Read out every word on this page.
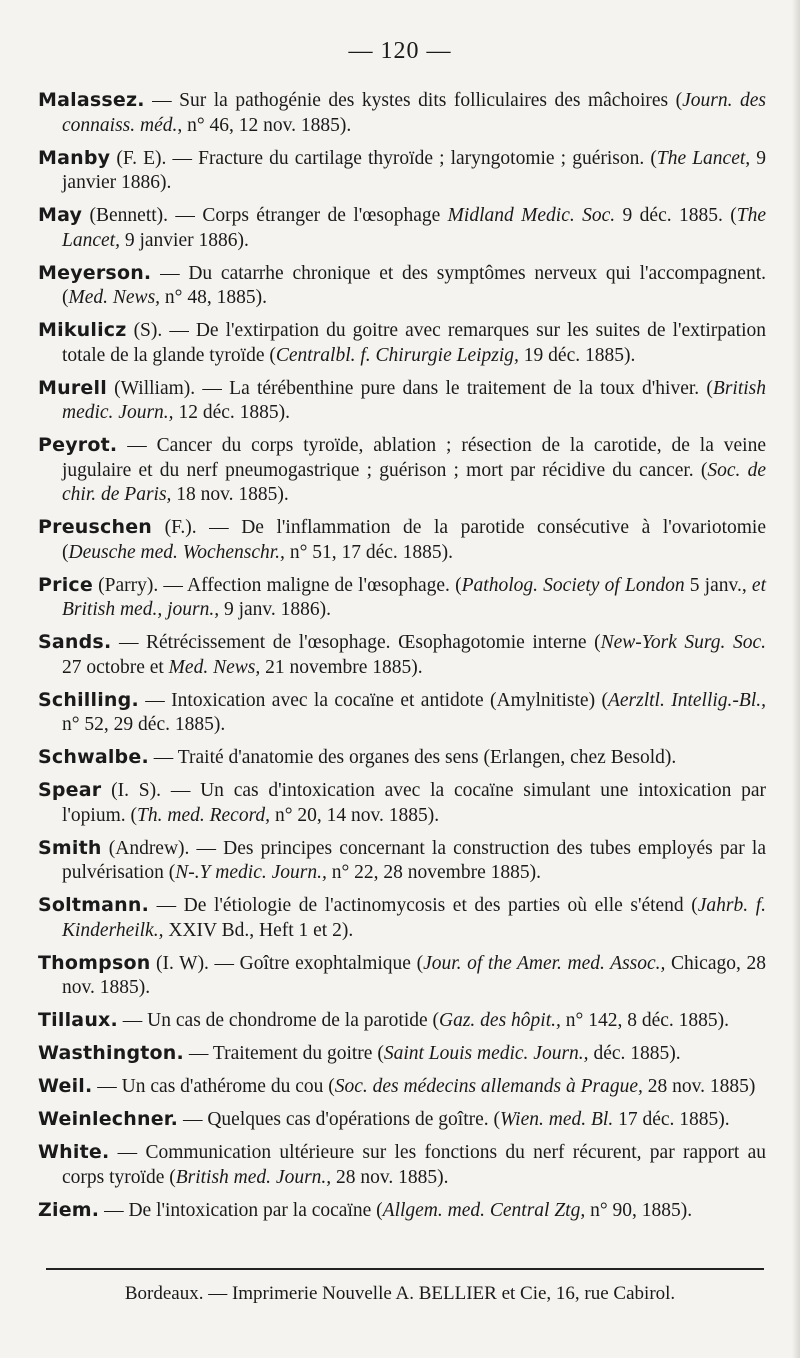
— 120 —

Malassez. — Sur la pathogénie des kystes dits folliculaires des mâchoires (Journ. des connaiss. méd., n° 46, 12 nov. 1885).

Manby (F. E). — Fracture du cartilage thyroïde ; laryngotomie ; guérison. (The Lancet, 9 janvier 1886).

May (Bennett). — Corps étranger de l'œsophage Midland Medic. Soc. 9 déc. 1885. (The Lancet, 9 janvier 1886).

Meyerson. — Du catarrhe chronique et des symptômes nerveux qui l'accompagnent. (Med. News, n° 48, 1885).

Mikulicz (S). — De l'extirpation du goitre avec remarques sur les suites de l'extirpation totale de la glande tyroïde (Centralbl. f. Chirurgie Leipzig, 19 déc. 1885).

Murell (William). — La térébenthine pure dans le traitement de la toux d'hiver. (British medic. Journ., 12 déc. 1885).

Peyrot. — Cancer du corps tyroïde, ablation ; résection de la carotide, de la veine jugulaire et du nerf pneumogastrique ; guérison ; mort par récidive du cancer. (Soc. de chir. de Paris, 18 nov. 1885).

Preuschen (F.). — De l'inflammation de la parotide consécutive à l'ovariotomie (Deusche med. Wochenschr., n° 51, 17 déc. 1885).

Price (Parry). — Affection maligne de l'œsophage. (Patholog. Society of London 5 janv., et British med., journ., 9 janv. 1886).

Sands. — Rétrécissement de l'œsophage. Œsophagotomie interne (New-York Surg. Soc. 27 octobre et Med. News, 21 novembre 1885).

Schilling. — Intoxication avec la cocaïne et antidote (Amylnitiste) (Aerzltl. Intellig.-Bl., n° 52, 29 déc. 1885).

Schwalbe. — Traité d'anatomie des organes des sens (Erlangen, chez Besold).

Spear (I. S). — Un cas d'intoxication avec la cocaïne simulant une intoxication par l'opium. (Th. med. Record, n° 20, 14 nov. 1885).

Smith (Andrew). — Des principes concernant la construction des tubes employés par la pulvérisation (N-.Y medic. Journ., n° 22, 28 novembre 1885).

Soltmann. — De l'étiologie de l'actinomycosis et des parties où elle s'étend (Jahrb. f. Kinderheilk., XXIV Bd., Heft 1 et 2).

Thompson (I. W). — Goître exophtalmique (Jour. of the Amer. med. Assoc., Chicago, 28 nov. 1885).

Tillaux. — Un cas de chondrome de la parotide (Gaz. des hôpit., n° 142, 8 déc. 1885).

Wasthington. — Traitement du goitre (Saint Louis medic. Journ., déc. 1885).

Weil. — Un cas d'athérome du cou (Soc. des médecins allemands à Prague, 28 nov. 1885)

Weinlechner. — Quelques cas d'opérations de goître. (Wien. med. Bl. 17 déc. 1885).

White. — Communication ultérieure sur les fonctions du nerf récurent, par rapport au corps tyroïde (British med. Journ., 28 nov. 1885).

Ziem. — De l'intoxication par la cocaïne (Allgem. med. Central Ztg, n° 90, 1885).

Bordeaux. — Imprimerie Nouvelle A. BELLIER et Cie, 16, rue Cabirol.
